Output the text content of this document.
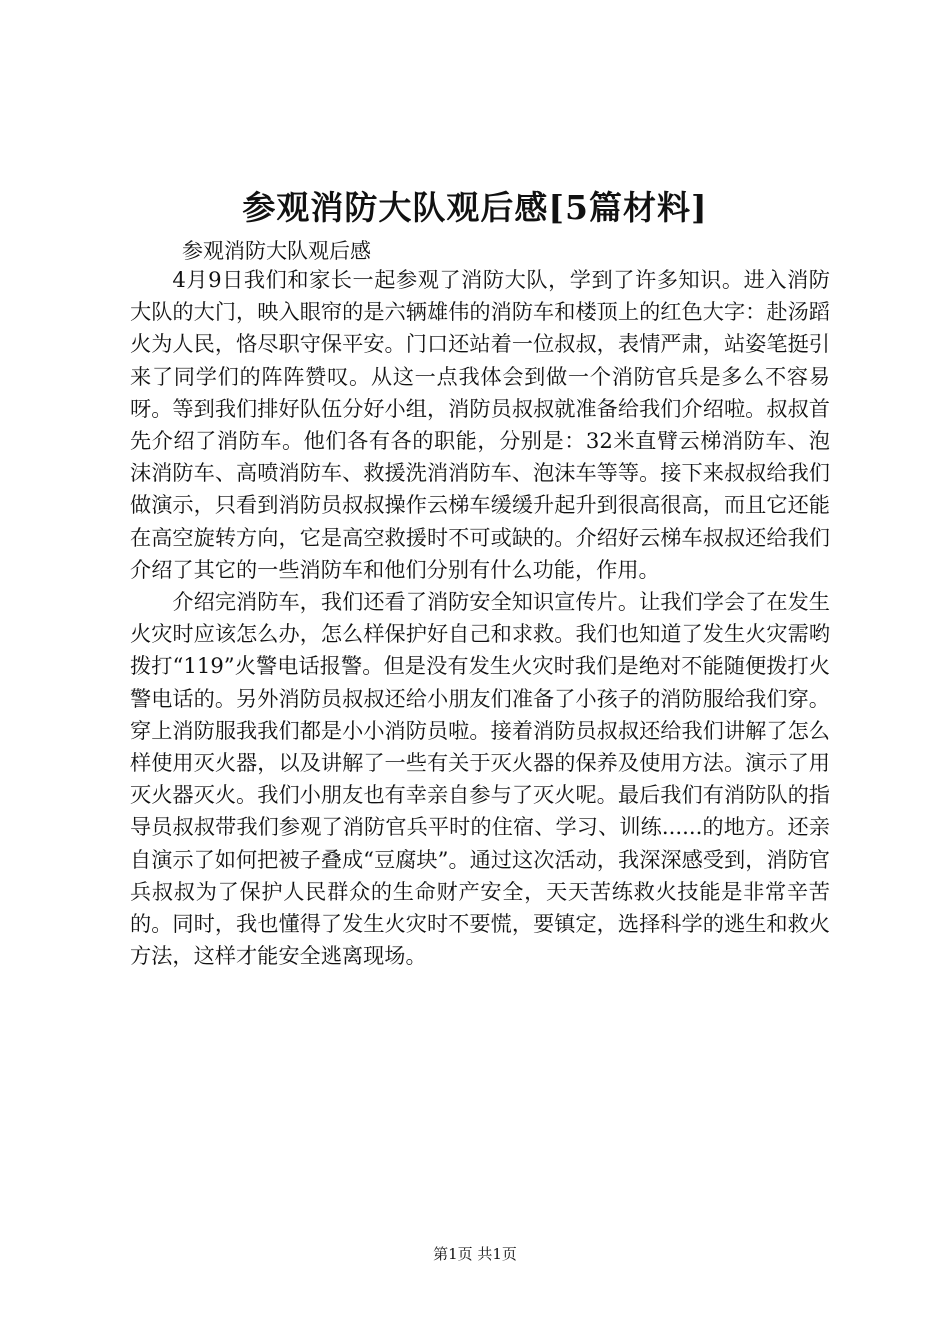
参观消防大队观后感[5篇材料]
参观消防大队观后感

4月9日我们和家长一起参观了消防大队，学到了许多知识。进入消防大队的大门，映入眼帘的是六辆雄伟的消防车和楼顶上的红色大字：赴汤蹈火为人民，恪尽职守保平安。门口还站着一位叔叔，表情严肃，站姿笔挺引来了同学们的阵阵赞叹。从这一点我体会到做一个消防官兵是多么不容易呀。等到我们排好队伍分好小组，消防员叔叔就准备给我们介绍啦。叔叔首先介绍了消防车。他们各有各的职能，分别是：32米直臂云梯消防车、泡沫消防车、高喷消防车、救援洗消消防车、泡沫车等等。接下来叔叔给我们做演示，只看到消防员叔叔操作云梯车缓缓升起升到很高很高，而且它还能在高空旋转方向，它是高空救援时不可或缺的。介绍好云梯车叔叔还给我们介绍了其它的一些消防车和他们分别有什么功能，作用。

介绍完消防车，我们还看了消防安全知识宣传片。让我们学会了在发生火灾时应该怎么办，怎么样保护好自己和求救。我们也知道了发生火灾需哟拨打“119”火警电话报警。但是没有发生火灾时我们是绝对不能随便拨打火警电话的。另外消防员叔叔还给小朋友们准备了小孩子的消防服给我们穿。穿上消防服我我们都是小小消防员啦。接着消防员叔叔还给我们讲解了怎么样使用灭火器，以及讲解了一些有关于灭火器的保养及使用方法。演示了用灭火器灭火。我们小朋友也有幸亲自参与了灭火呢。最后我们有消防队的指导员叔叔带我们参观了消防官兵平时的住宿、学习、训练......的地方。还亲自演示了如何把被子叠成“豆腐块”。通过这次活动，我深深感受到，消防官兵叔叔为了保护人民群众的生命财产安全，天天苦练救火技能是非常辛苦的。同时，我也懂得了发生火灾时不要慌，要镇定，选择科学的逃生和救火方法，这样才能安全逃离现场。

第1页 共1页
